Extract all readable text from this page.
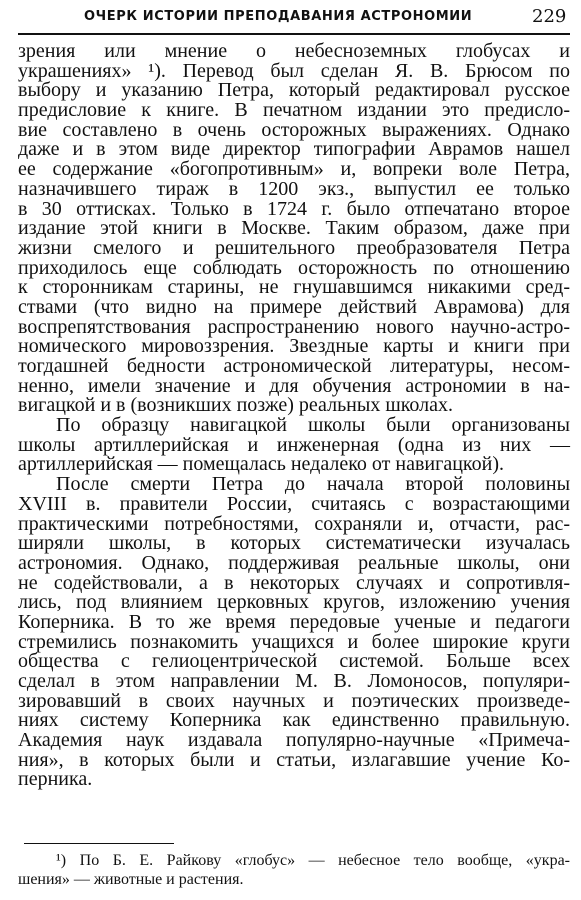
ОЧЕРК ИСТОРИИ ПРЕПОДАВАНИЯ АСТРОНОМИИ	229
зрения или мнение о небесноземных глобусах и
украшениях» ¹). Перевод был сделан Я. В. Брюсом по
выбору и указанию Петра, который редактировал русское
предисловие к книге. В печатном издании это предисло-
вие составлено в очень осторожных выражениях. Однако
даже и в этом виде директор типографии Аврамов нашел
ее содержание «богопротивным» и, вопреки воле Петра,
назначившего тираж в 1200 экз., выпустил ее только
в 30 оттисках. Только в 1724 г. было отпечатано второе
издание этой книги в Москве. Таким образом, даже при
жизни смелого и решительного преобразователя Петра
приходилось еще соблюдать осторожность по отношению
к сторонникам старины, не гнушавшимся никакими сред-
ствами (что видно на примере действий Аврамова) для
воспрепятствования распространению нового научно-астро-
номического мировоззрения. Звездные карты и книги при
тогдашней бедности астрономической литературы, несом-
ненно, имели значение и для обучения астрономии в на-
вигацкой и в (возникших позже) реальных школах.
По образцу навигацкой школы были организованы
школы артиллерийская и инженерная (одна из них —
артиллерийская — помещалась недалеко от навигацкой).
После смерти Петра до начала второй половины
XVIII в. правители России, считаясь с возрастающими
практическими потребностями, сохраняли и, отчасти, рас-
ширяли школы, в которых систематически изучалась
астрономия. Однако, поддерживая реальные школы, они
не содействовали, а в некоторых случаях и сопротивля-
лись, под влиянием церковных кругов, изложению учения
Коперника. В то же время передовые ученые и педагоги
стремились познакомить учащихся и более широкие круги
общества с гелиоцентрической системой. Больше всех
сделал в этом направлении М. В. Ломоносов, популяри-
зировавший в своих научных и поэтических произведе-
ниях систему Коперника как единственно правильную.
Академия наук издавала популярно-научные «Примеча-
ния», в которых были и статьи, излагавшие учение Ко-
перника.
¹) По Б. Е. Райкову «глобус» — небесное тело вообще, «укра-
шения» — животные и растения.
